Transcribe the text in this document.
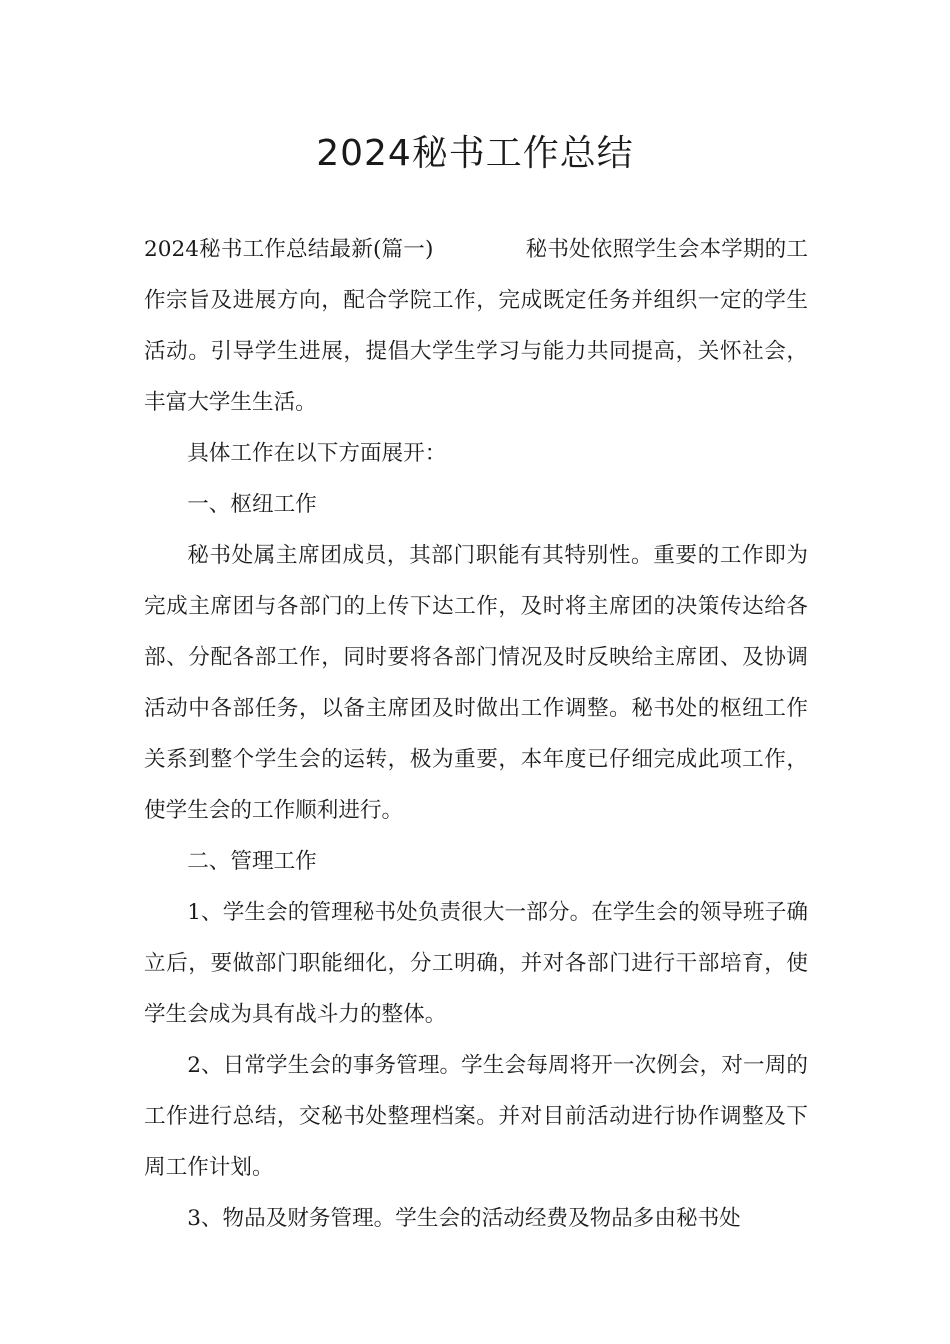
2024秘书工作总结

2024秘书工作总结最新(篇一)	秘书处依照学生会本学期的工作宗旨及进展方向，配合学院工作，完成既定任务并组织一定的学生活动。引导学生进展，提倡大学生学习与能力共同提高，关怀社会，丰富大学生生活。

具体工作在以下方面展开：

一、枢纽工作

秘书处属主席团成员，其部门职能有其特别性。重要的工作即为完成主席团与各部门的上传下达工作，及时将主席团的决策传达给各部、分配各部工作，同时要将各部门情况及时反映给主席团、及协调活动中各部任务，以备主席团及时做出工作调整。秘书处的枢纽工作关系到整个学生会的运转，极为重要，本年度已仔细完成此项工作，使学生会的工作顺利进行。

二、管理工作

1、学生会的管理秘书处负责很大一部分。在学生会的领导班子确立后，要做部门职能细化，分工明确，并对各部门进行干部培育，使学生会成为具有战斗力的整体。

2、日常学生会的事务管理。学生会每周将开一次例会，对一周的工作进行总结，交秘书处整理档案。并对目前活动进行协作调整及下周工作计划。

3、物品及财务管理。学生会的活动经费及物品多由秘书处
